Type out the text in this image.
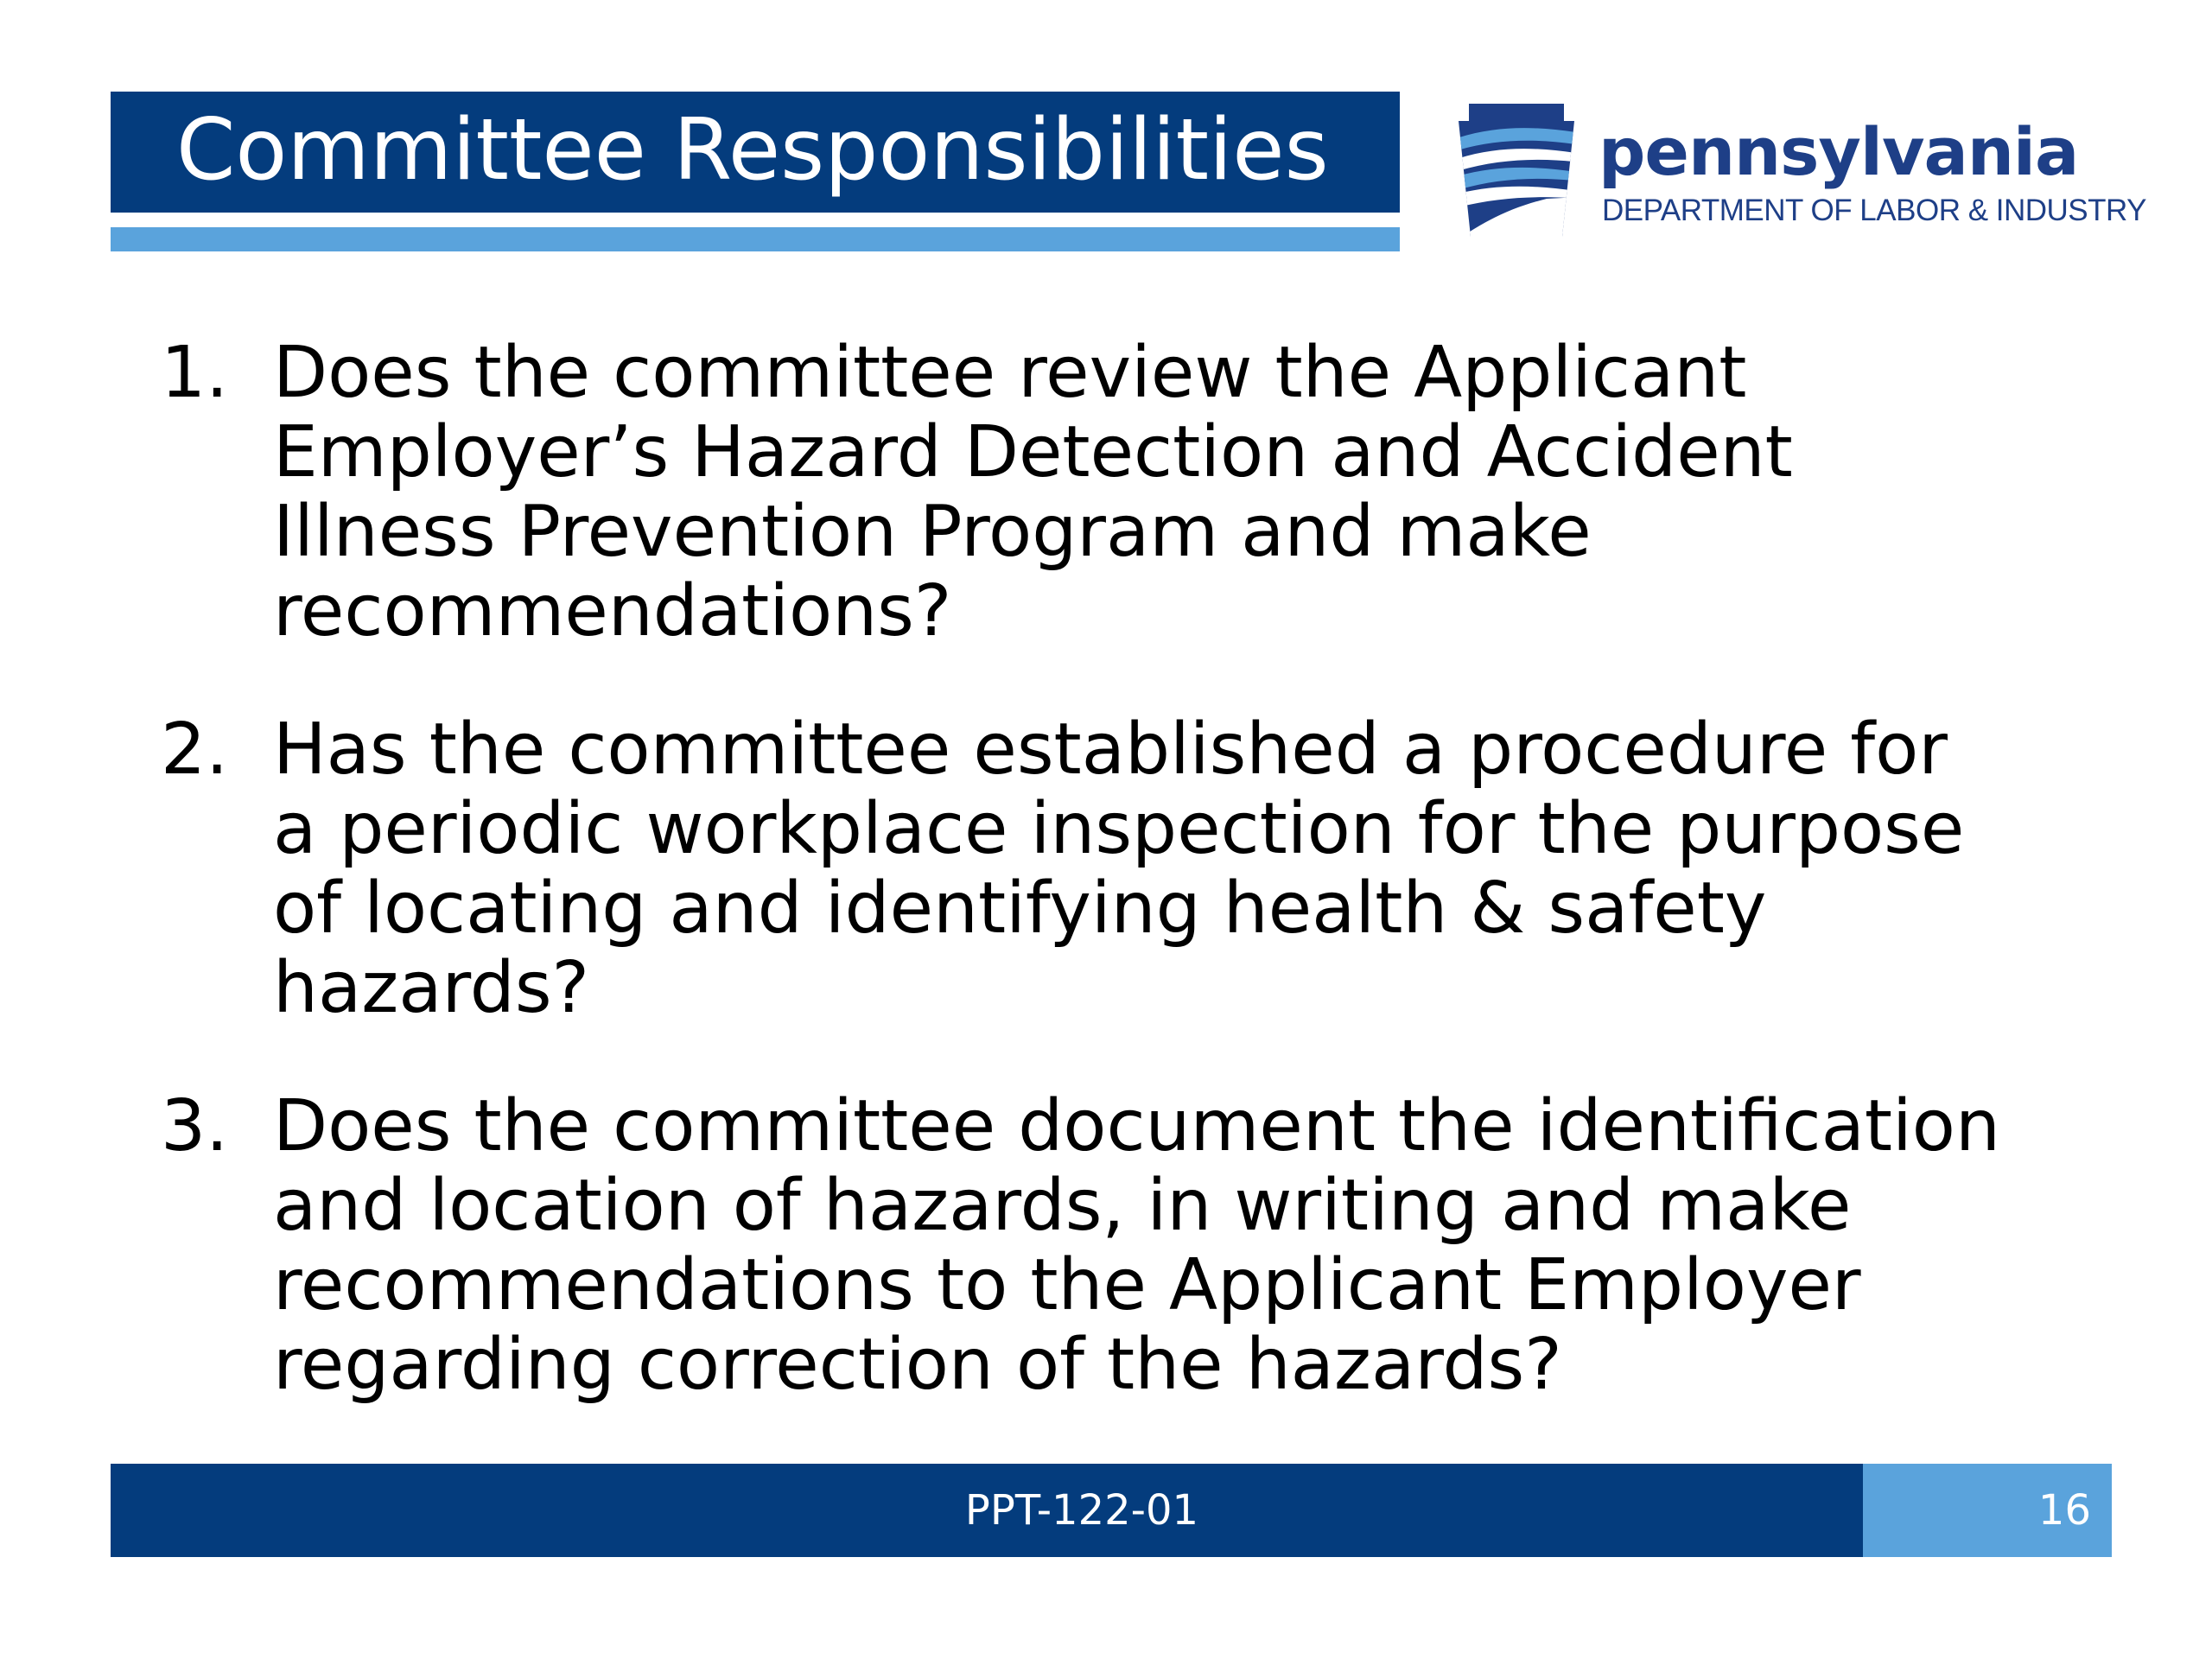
Committee Responsibilities	pennsylvania
DEPARTMENT OF LABOR & INDUSTRY
1. Does the committee review the Applicant
Employer’s Hazard Detection and Accident
Illness Prevention Program and make
recommendations?
2. Has the committee established a procedure for
a periodic workplace inspection for the purpose
of locating and identifying health & safety
hazards?
3. Does the committee document the identification
and location of hazards, in writing and make
recommendations to the Applicant Employer
regarding correction of the hazards?
PPT-122-01	16
